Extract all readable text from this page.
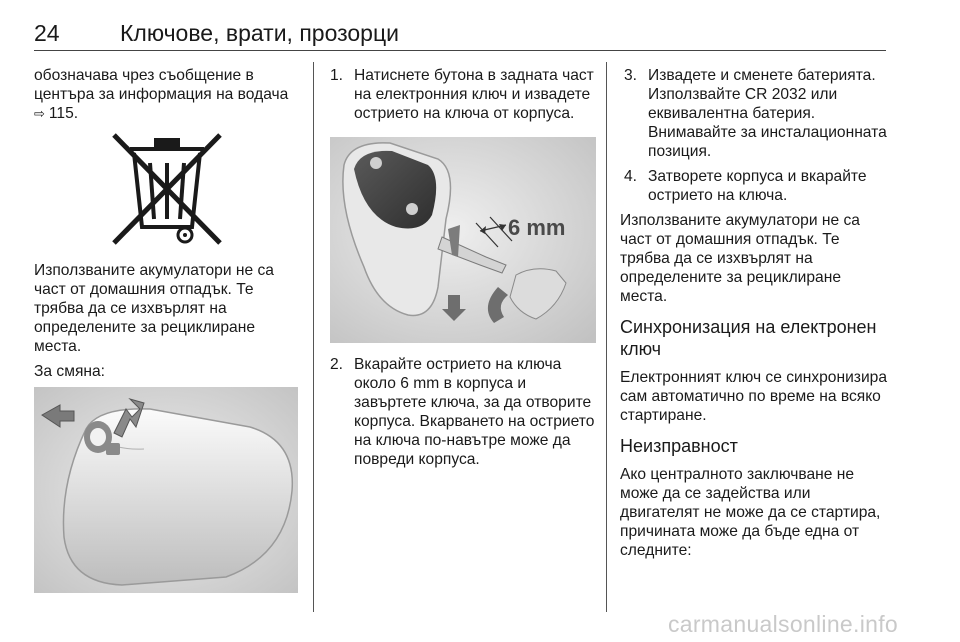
24	Ключове, врати, прозорци

обозначава чрез съобщение в центъра за информация на водача
⇨ 115.

Използваните акумулатори не са част от домашния отпадък. Те трябва да се изхвърлят на определените за рециклиране места.

За смяна:

1. Натиснете бутона в задната част на електронния ключ и извадете острието на ключа от корпуса.
6 mm
2. Вкарайте острието на ключа около 6 mm в корпуса и завъртете ключа, за да отворите корпуса. Вкарването на острието на ключа по-навътре може да повреди корпуса.
3. Извадете и сменете батерията. Използвайте CR 2032 или еквивалентна батерия. Внимавайте за инсталационната позиция.
4. Затворете корпуса и вкарайте острието на ключа.

Използваните акумулатори не са част от домашния отпадък. Те трябва да се изхвърлят на определените за рециклиране места.

Синхронизация на електронен ключ

Електронният ключ се синхронизира сам автоматично по време на всяко стартиране.

Неизправност

Ако централното заключване не може да се задейства или двигателят не може да се стартира, причината може да бъде една от следните:

carmanualsonline.info
